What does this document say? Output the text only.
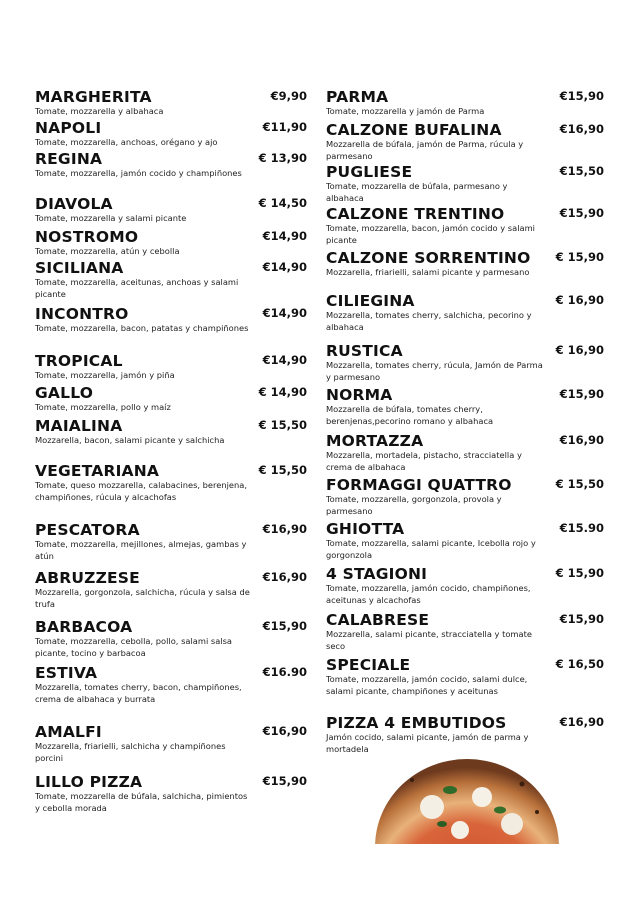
MARGHERITA	€9,90
Tomate, mozzarella y albahaca
NAPOLI	€11,90
Tomate, mozzarella, anchoas, orégano y ajo
REGINA	€ 13,90
Tomate, mozzarella, jamón cocido y champiñones
DIAVOLA	€ 14,50
Tomate, mozzarella y salami picante
NOSTROMO	€14,90
Tomate, mozzarella, atún y cebolla
SICILIANA	€14,90
Tomate, mozzarella, aceitunas, anchoas y salami picante
INCONTRO	€14,90
Tomate, mozzarella, bacon, patatas y champiñones
TROPICAL	€14,90
Tomate, mozzarella, jamón y piña
GALLO	€ 14,90
Tomate, mozzarella, pollo y maíz
MAIALINA	€ 15,50
Mozzarella, bacon, salami picante y salchicha
VEGETARIANA	€ 15,50
Tomate, queso mozzarella, calabacines, berenjena, champiñones, rúcula y alcachofas
PESCATORA	€16,90
Tomate, mozzarella, mejillones, almejas, gambas y atún
ABRUZZESE	€16,90
Mozzarella, gorgonzola, salchicha, rúcula y salsa de trufa
BARBACOA	€15,90
Tomate, mozzarella, cebolla, pollo, salami salsa picante, tocino y barbacoa
ESTIVA	€16.90
Mozzarella, tomates cherry, bacon, champiñones, crema de albahaca y burrata
AMALFI	€16,90
Mozzarella, friarielli, salchicha y champiñones porcini
LILLO PIZZA	€15,90
Tomate, mozzarella de búfala, salchicha, pimientos y cebolla morada
PARMA	€15,90
Tomate, mozzarella y jamón de Parma
CALZONE BUFALINA	€16,90
Mozzarella de búfala, jamón de Parma, rúcula y parmesano
PUGLIESE	€15,50
Tomate, mozzarella de búfala, parmesano y albahaca
CALZONE TRENTINO	€15,90
Tomate, mozzarella, bacon, jamón cocido y salami picante
CALZONE SORRENTINO	€ 15,90
Mozzarella, friarielli, salami picante y parmesano
CILIEGINA	€ 16,90
Mozzarella, tomates cherry, salchicha, pecorino y albahaca
RUSTICA	€ 16,90
Mozzarella, tomates cherry, rúcula, Jamón de Parma y parmesano
NORMA	€15,90
Mozzarella de búfala, tomates cherry, berenjenas,pecorino romano y albahaca
MORTAZZA	€16,90
Mozzarella, mortadela, pistacho, stracciatella y crema de albahaca
FORMAGGI QUATTRO	€ 15,50
Tomate, mozzarella, gorgonzola, provola y parmesano
GHIOTTA	€15.90
Tomate, mozzarella, salami picante, Icebolla rojo y gorgonzola
4 STAGIONI	€ 15,90
Tomate, mozzarella, jamón cocido, champiñones, aceitunas y alcachofas
CALABRESE	€15,90
Mozzarella, salami picante, stracciatella y tomate seco
SPECIALE	€ 16,50
Tomate, mozzarella, jamón cocido, salami dulce, salami picante, champiñones y aceitunas
PIZZA 4 EMBUTIDOS	€16,90
Jamón cocido, salami picante, jamón de parma y mortadela
